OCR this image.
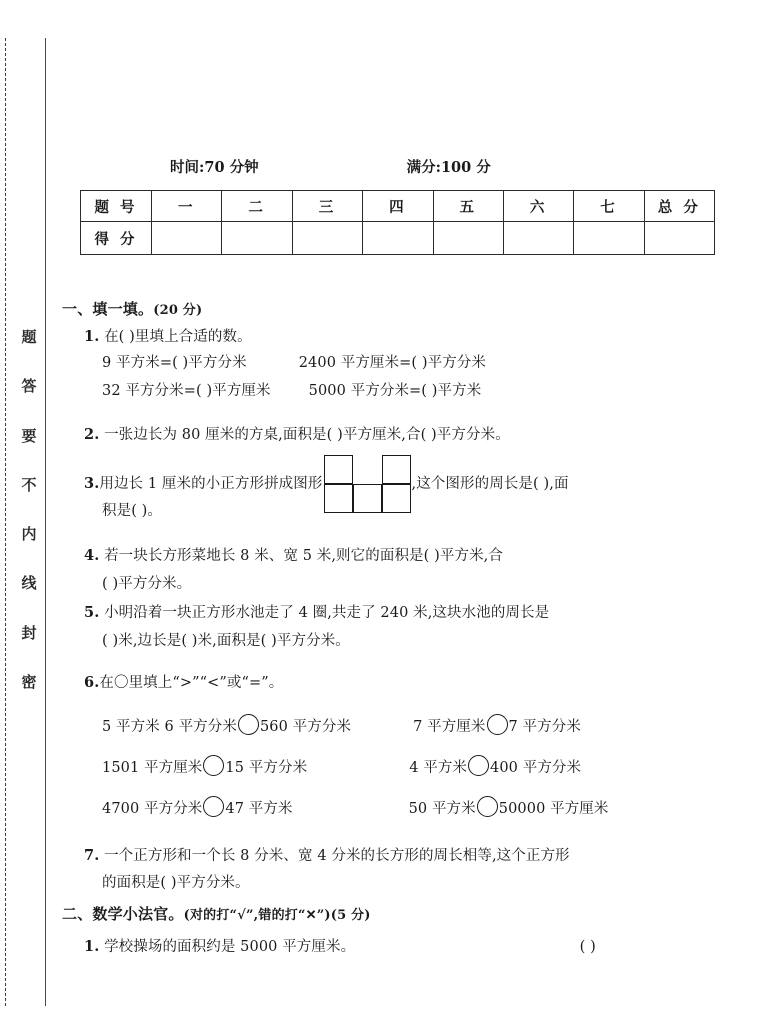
密
封
线
内
不
要
答
题
时间:70 分钟	满分:100 分
题 号	一	二	三	四	五	六	七	总 分
得 分								
一、填一填。(20 分)
1. 在( )里填上合适的数。
9 平方米=( )平方分米	2400 平方厘米=( )平方分米
32 平方分米=( )平方厘米	5000 平方分米=( )平方米
2. 一张边长为 80 厘米的方桌,面积是( )平方厘米,合( )平方分米。
3.用边长 1 厘米的小正方形拼成图形	,这个图形的周长是( ),面
积是( )。
4. 若一块长方形菜地长 8 米、宽 5 米,则它的面积是( )平方米,合
( )平方分米。
5. 小明沿着一块正方形水池走了 4 圈,共走了 240 米,这块水池的周长是
( )米,边长是( )米,面积是( )平方分米。
6.在〇里填上“>”“<”或“=”。
5 平方米 6 平方分米 560 平方分米	7 平方厘米 7 平方分米
1501 平方厘米 15 平方分米	4 平方米 400 平方分米
4700 平方分米 47 平方米	50 平方米 50000 平方厘米
7. 一个正方形和一个长 8 分米、宽 4 分米的长方形的周长相等,这个正方形
的面积是( )平方分米。
二、数学小法官。(对的打“√”,错的打“✕”)(5 分)
1. 学校操场的面积约是 5000 平方厘米。	( )
